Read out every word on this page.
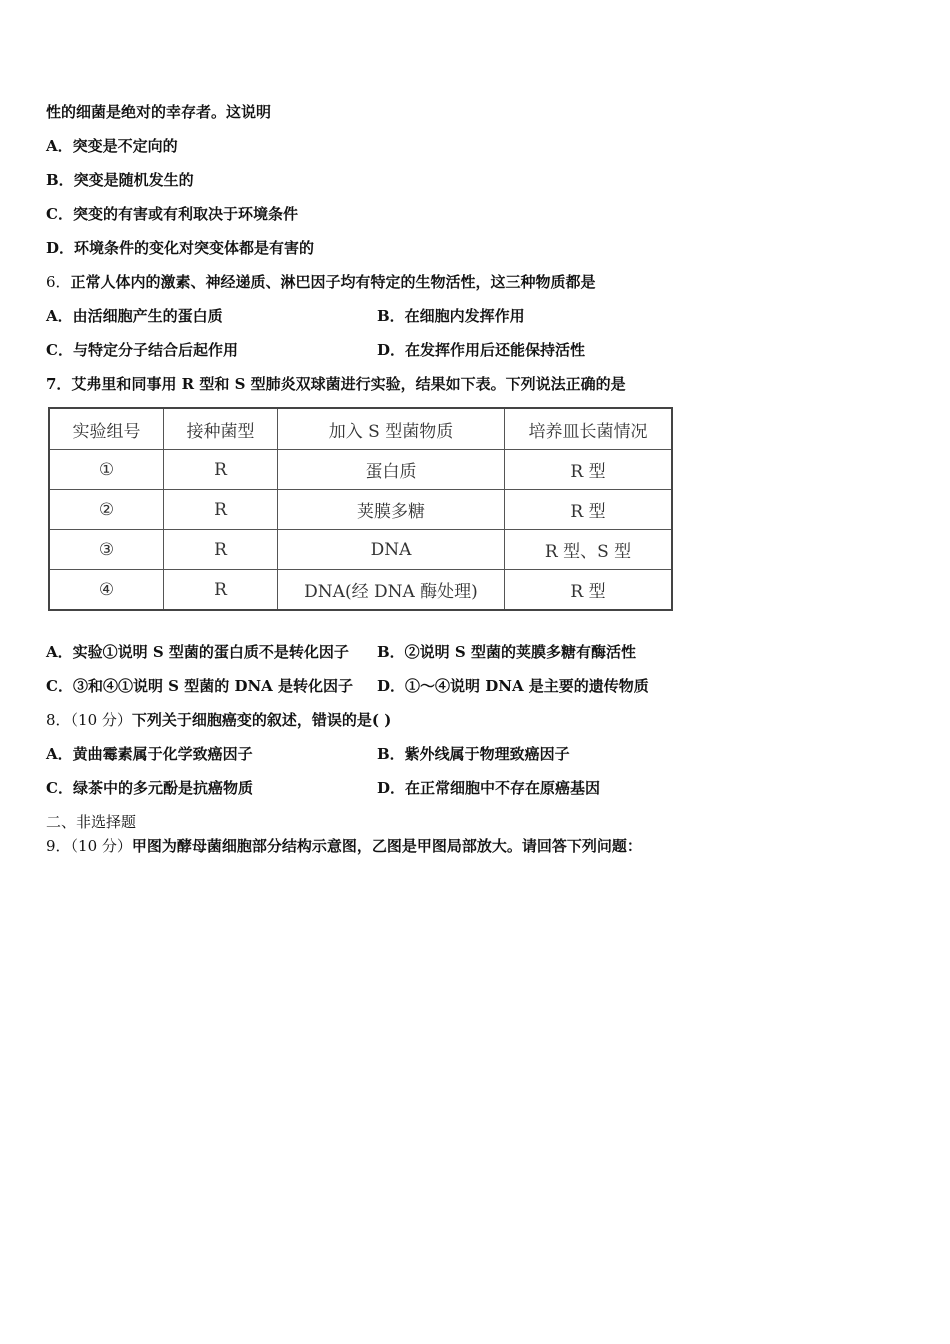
性的细菌是绝对的幸存者。这说明
A．突变是不定向的
B．突变是随机发生的
C．突变的有害或有利取决于环境条件
D．环境条件的变化对突变体都是有害的
6．正常人体内的激素、神经递质、淋巴因子均有特定的生物活性，这三种物质都是
A．由活细胞产生的蛋白质	B．在细胞内发挥作用
C．与特定分子结合后起作用	D．在发挥作用后还能保持活性
7．艾弗里和同事用 R 型和 S 型肺炎双球菌进行实验，结果如下表。下列说法正确的是
实验组号	接种菌型	加入 S 型菌物质	培养皿长菌情况
①	R	蛋白质	R 型
②	R	荚膜多糖	R 型
③	R	DNA	R 型、S 型
④	R	DNA(经 DNA 酶处理)	R 型
A．实验①说明 S 型菌的蛋白质不是转化因子 B．②说明 S 型菌的荚膜多糖有酶活性
C．③和④①说明 S 型菌的 DNA 是转化因子 D．①～④说明 DNA 是主要的遗传物质
8．（10 分）下列关于细胞癌变的叙述，错误的是( )
A．黄曲霉素属于化学致癌因子	B．紫外线属于物理致癌因子
C．绿茶中的多元酚是抗癌物质	D．在正常细胞中不存在原癌基因
二、非选择题
9．（10 分）甲图为酵母菌细胞部分结构示意图，乙图是甲图局部放大。请回答下列问题：
